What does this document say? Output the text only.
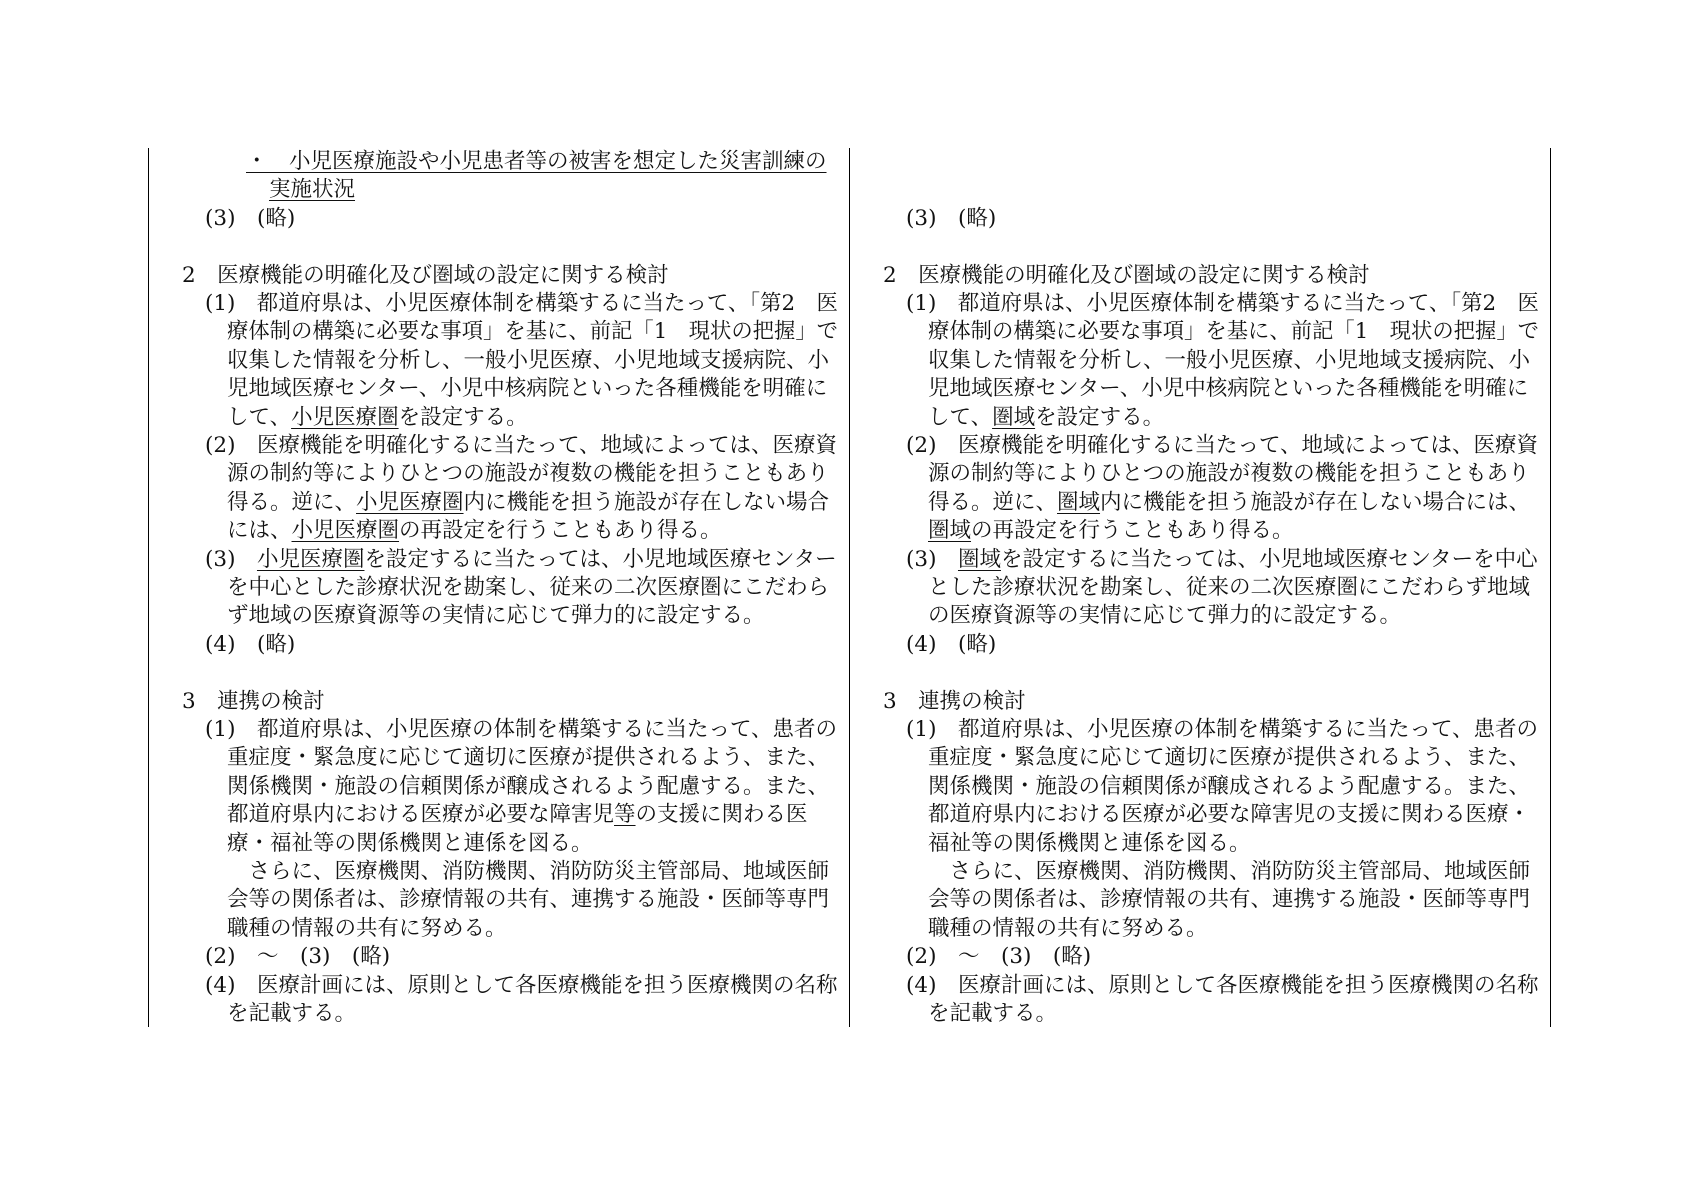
・　小児医療施設や小児患者等の被害を想定した災害訓練の
実施状況
(3)　(略)
2　医療機能の明確化及び圏域の設定に関する検討
(1)　都道府県は、小児医療体制を構築するに当たって、「第2　医
療体制の構築に必要な事項」を基に、前記「1　現状の把握」で
収集した情報を分析し、一般小児医療、小児地域支援病院、小
児地域医療センター、小児中核病院といった各種機能を明確に
して、小児医療圏を設定する。
(2)　医療機能を明確化するに当たって、地域によっては、医療資
源の制約等によりひとつの施設が複数の機能を担うこともあり
得る。逆に、小児医療圏内に機能を担う施設が存在しない場合
には、小児医療圏の再設定を行うこともあり得る。
(3)　小児医療圏を設定するに当たっては、小児地域医療センター
を中心とした診療状況を勘案し、従来の二次医療圏にこだわら
ず地域の医療資源等の実情に応じて弾力的に設定する。
(4)　(略)
3　連携の検討
(1)　都道府県は、小児医療の体制を構築するに当たって、患者の
重症度・緊急度に応じて適切に医療が提供されるよう、また、
関係機関・施設の信頼関係が醸成されるよう配慮する。また、
都道府県内における医療が必要な障害児等の支援に関わる医
療・福祉等の関係機関と連係を図る。
　さらに、医療機関、消防機関、消防防災主管部局、地域医師
会等の関係者は、診療情報の共有、連携する施設・医師等専門
職種の情報の共有に努める。
(2)　～　(3)　(略)
(4)　医療計画には、原則として各医療機能を担う医療機関の名称
を記載する。
(3)　(略)
2　医療機能の明確化及び圏域の設定に関する検討
(1)　都道府県は、小児医療体制を構築するに当たって、「第2　医
療体制の構築に必要な事項」を基に、前記「1　現状の把握」で
収集した情報を分析し、一般小児医療、小児地域支援病院、小
児地域医療センター、小児中核病院といった各種機能を明確に
して、圏域を設定する。
(2)　医療機能を明確化するに当たって、地域によっては、医療資
源の制約等によりひとつの施設が複数の機能を担うこともあり
得る。逆に、圏域内に機能を担う施設が存在しない場合には、
圏域の再設定を行うこともあり得る。
(3)　圏域を設定するに当たっては、小児地域医療センターを中心
とした診療状況を勘案し、従来の二次医療圏にこだわらず地域
の医療資源等の実情に応じて弾力的に設定する。
(4)　(略)
3　連携の検討
(1)　都道府県は、小児医療の体制を構築するに当たって、患者の
重症度・緊急度に応じて適切に医療が提供されるよう、また、
関係機関・施設の信頼関係が醸成されるよう配慮する。また、
都道府県内における医療が必要な障害児の支援に関わる医療・
福祉等の関係機関と連係を図る。
　さらに、医療機関、消防機関、消防防災主管部局、地域医師
会等の関係者は、診療情報の共有、連携する施設・医師等専門
職種の情報の共有に努める。
(2)　～　(3)　(略)
(4)　医療計画には、原則として各医療機能を担う医療機関の名称
を記載する。
